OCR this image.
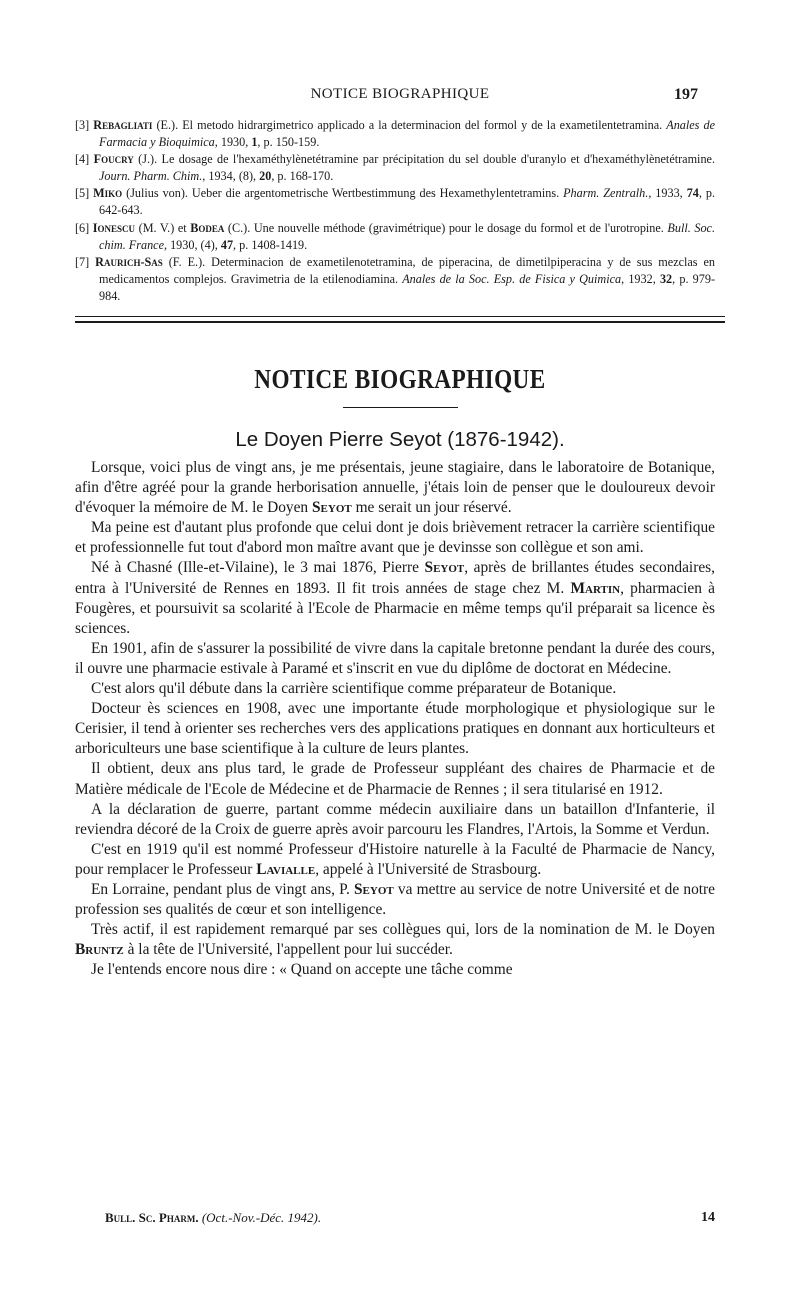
NOTICE BIOGRAPHIQUE	197

[3] Rebagliati (E.). El metodo hidrargimetrico applicado a la determinacion del formol y de la exametilentetramina. Anales de Farmacia y Bioquimica, 1930, 1, p. 150-159.

[4] Foucry (J.). Le dosage de l'hexaméthylènetétramine par précipitation du sel double d'uranylo et d'hexaméthylènetétramine. Journ. Pharm. Chim., 1934, (8), 20, p. 168-170.

[5] Miko (Julius von). Ueber die argentometrische Wertbestimmung des Hexamethylentetramins. Pharm. Zentralh., 1933, 74, p. 642-643.

[6] Ionescu (M. V.) et Bodea (C.). Une nouvelle méthode (gravimétrique) pour le dosage du formol et de l'urotropine. Bull. Soc. chim. France, 1930, (4), 47, p. 1408-1419.

[7] Raurich-Sas (F. E.). Determinacion de exametilenotetramina, de piperacina, de dimetilpiperacina y de sus mezclas en medicamentos complejos. Gravimetria de la etilenodiamina. Anales de la Soc. Esp. de Fisica y Quimica, 1932, 32, p. 979-984.

NOTICE BIOGRAPHIQUE
Le Doyen Pierre Seyot (1876-1942).

Lorsque, voici plus de vingt ans, je me présentais, jeune stagiaire, dans le laboratoire de Botanique, afin d'être agréé pour la grande herborisation annuelle, j'étais loin de penser que le douloureux devoir d'évoquer la mémoire de M. le Doyen Seyot me serait un jour réservé.

Ma peine est d'autant plus profonde que celui dont je dois brièvement retracer la carrière scientifique et professionnelle fut tout d'abord mon maître avant que je devinsse son collègue et son ami.

Né à Chasné (Ille-et-Vilaine), le 3 mai 1876, Pierre Seyot, après de brillantes études secondaires, entra à l'Université de Rennes en 1893. Il fit trois années de stage chez M. Martin, pharmacien à Fougères, et poursuivit sa scolarité à l'Ecole de Pharmacie en même temps qu'il préparait sa licence ès sciences.

En 1901, afin de s'assurer la possibilité de vivre dans la capitale bretonne pendant la durée des cours, il ouvre une pharmacie estivale à Paramé et s'inscrit en vue du diplôme de doctorat en Médecine.

C'est alors qu'il débute dans la carrière scientifique comme préparateur de Botanique.

Docteur ès sciences en 1908, avec une importante étude morphologique et physiologique sur le Cerisier, il tend à orienter ses recherches vers des applications pratiques en donnant aux horticulteurs et arboriculteurs une base scientifique à la culture de leurs plantes.

Il obtient, deux ans plus tard, le grade de Professeur suppléant des chaires de Pharmacie et de Matière médicale de l'Ecole de Médecine et de Pharmacie de Rennes ; il sera titularisé en 1912.

A la déclaration de guerre, partant comme médecin auxiliaire dans un bataillon d'Infanterie, il reviendra décoré de la Croix de guerre après avoir parcouru les Flandres, l'Artois, la Somme et Verdun.

C'est en 1919 qu'il est nommé Professeur d'Histoire naturelle à la Faculté de Pharmacie de Nancy, pour remplacer le Professeur Lavialle, appelé à l'Université de Strasbourg.

En Lorraine, pendant plus de vingt ans, P. Seyot va mettre au service de notre Université et de notre profession ses qualités de cœur et son intelligence.

Très actif, il est rapidement remarqué par ses collègues qui, lors de la nomination de M. le Doyen Bruntz à la tête de l'Université, l'appellent pour lui succéder.

Je l'entends encore nous dire : « Quand on accepte une tâche comme

Bull. Sc. Pharm. (Oct.-Nov.-Déc. 1942).	14
